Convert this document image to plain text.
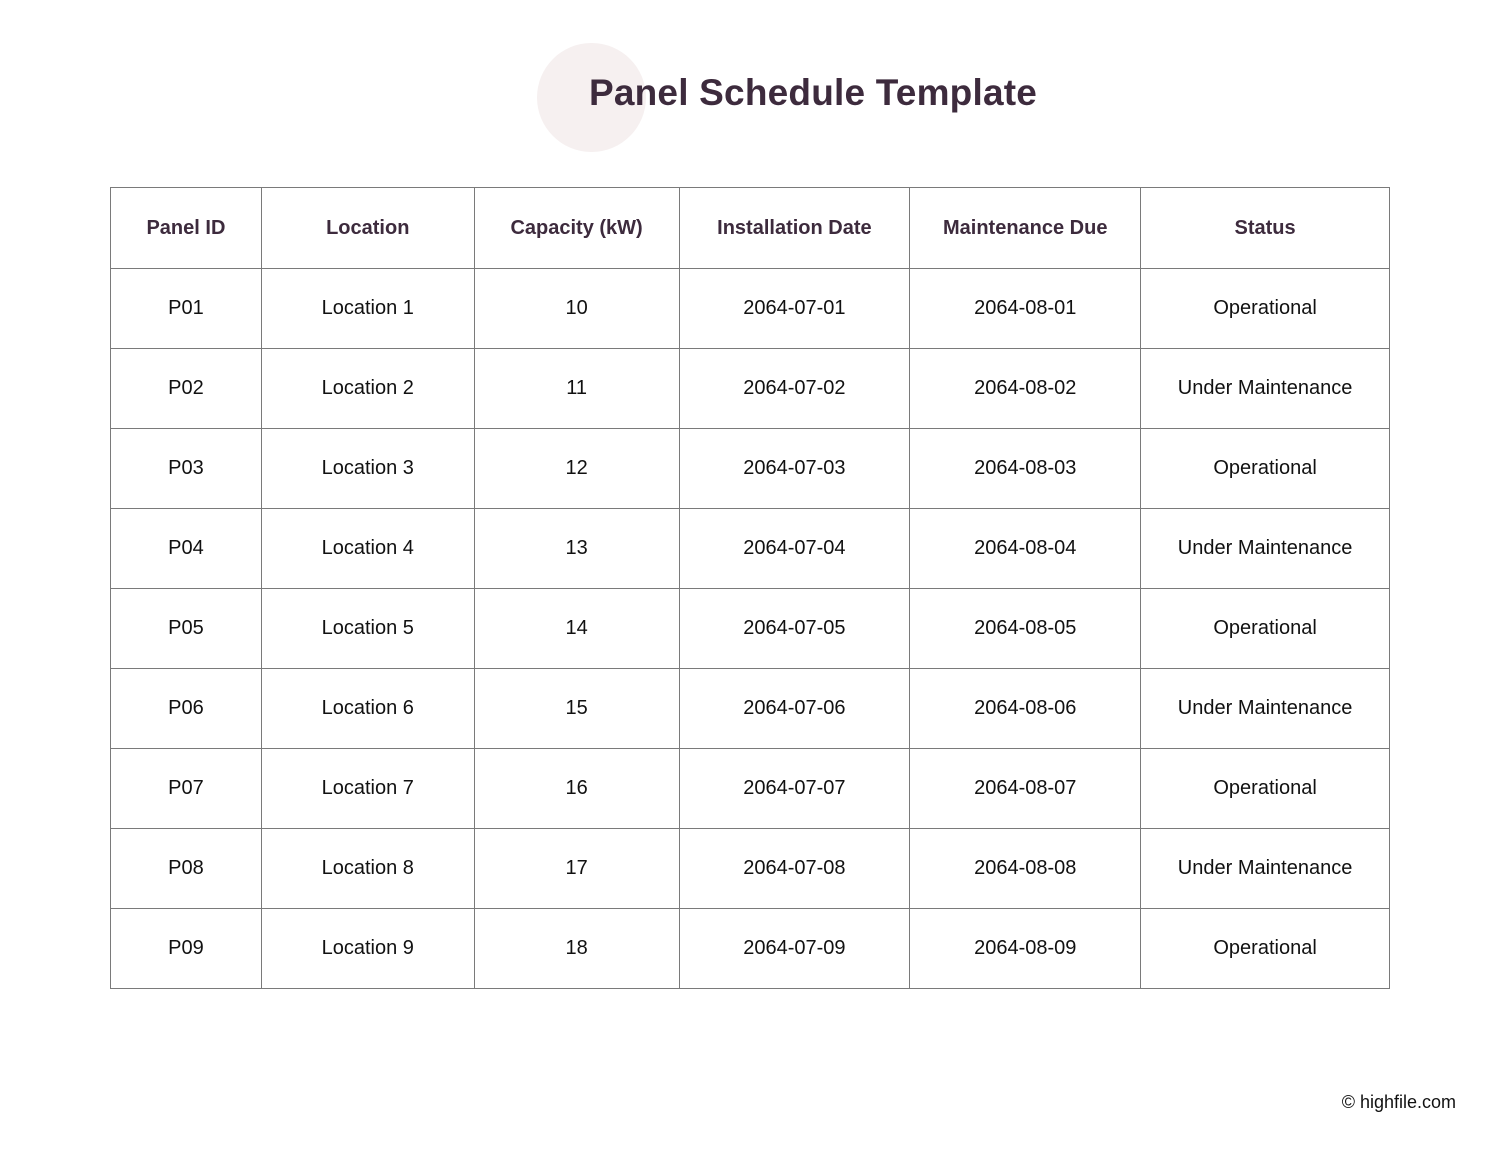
Panel Schedule Template
Panel ID	Location	Capacity (kW)	Installation Date	Maintenance Due	Status
P01	Location 1	10	2064-07-01	2064-08-01	Operational
P02	Location 2	11	2064-07-02	2064-08-02	Under Maintenance
P03	Location 3	12	2064-07-03	2064-08-03	Operational
P04	Location 4	13	2064-07-04	2064-08-04	Under Maintenance
P05	Location 5	14	2064-07-05	2064-08-05	Operational
P06	Location 6	15	2064-07-06	2064-08-06	Under Maintenance
P07	Location 7	16	2064-07-07	2064-08-07	Operational
P08	Location 8	17	2064-07-08	2064-08-08	Under Maintenance
P09	Location 9	18	2064-07-09	2064-08-09	Operational
© highfile.com
